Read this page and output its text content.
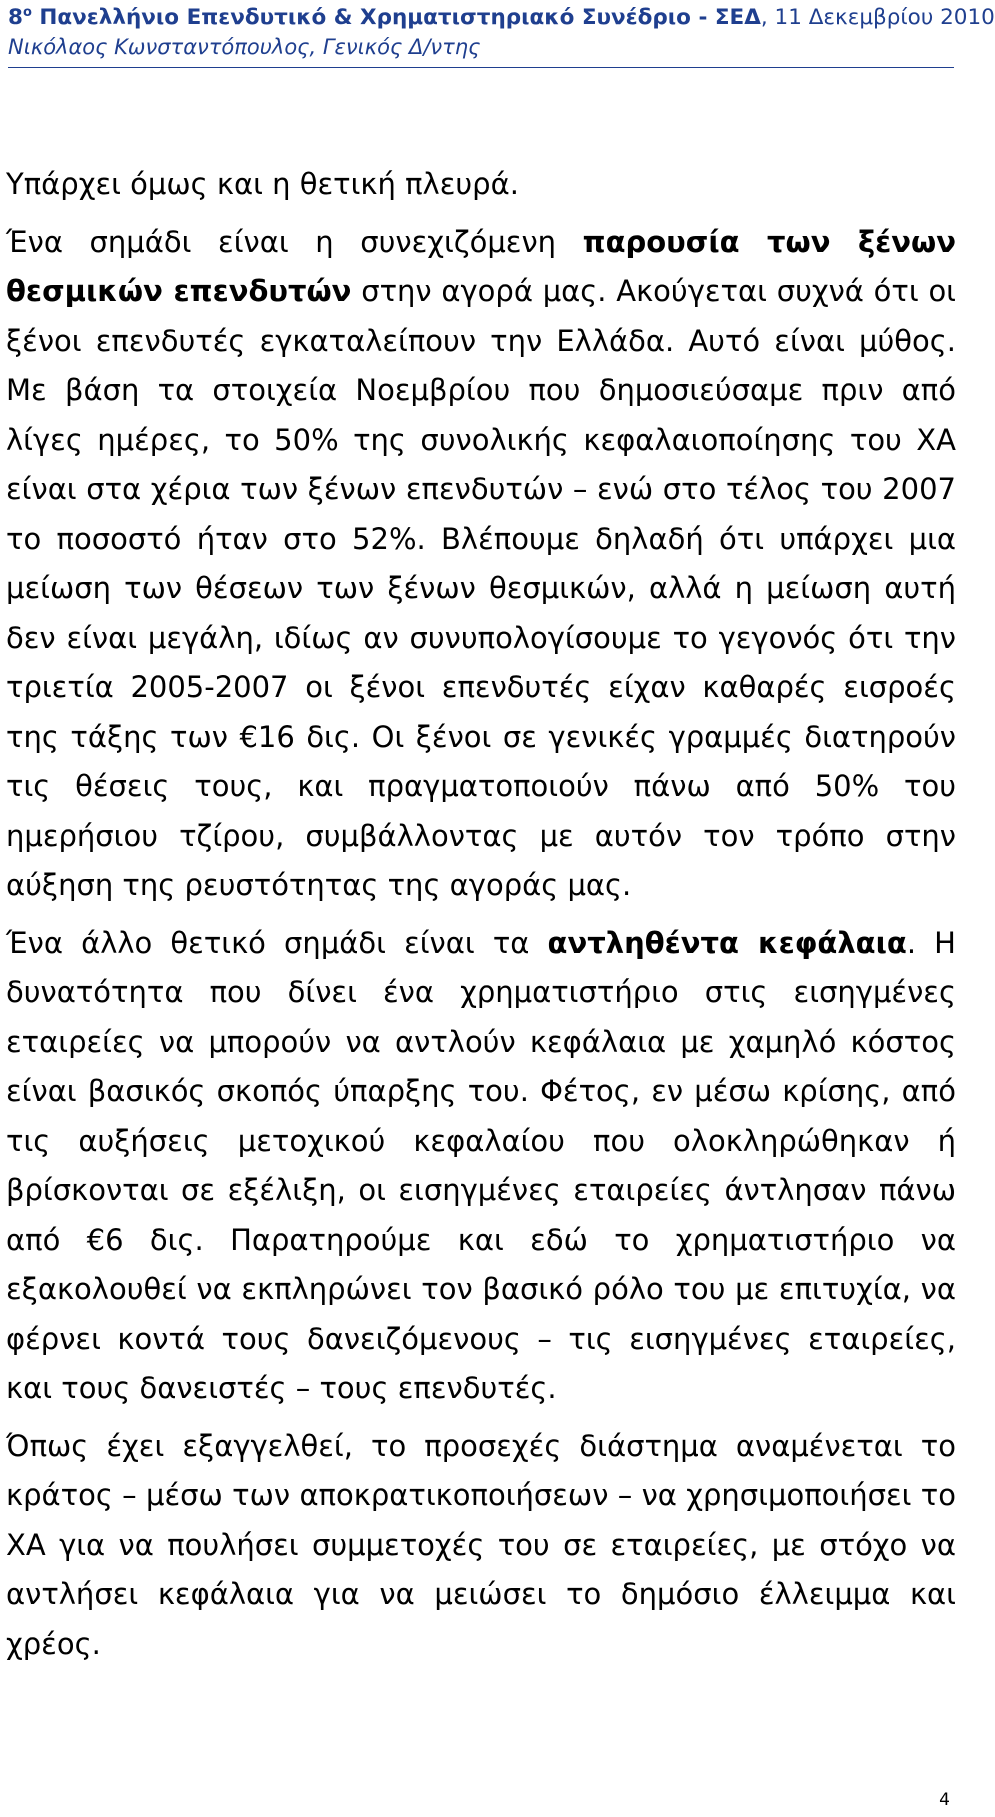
$8^o$ Πανελλήνιο Επενδυτικό & Χρηματιστηριακό Συνέδριο - ΣΕΔ, 11 Δεκεμβρίου 2010
Νικόλαος Κωνσταντόπουλος, Γενικός Δ/ντης

Υπάρχει όμως και η θετική πλευρά.

Ένα σημάδι είναι η συνεχιζόμενη παρουσία των ξένων θεσμικών επενδυτών στην αγορά μας. Ακούγεται συχνά ότι οι ξένοι επενδυτές εγκαταλείπουν την Ελλάδα. Αυτό είναι μύθος. Με βάση τα στοιχεία Νοεμβρίου που δημοσιεύσαμε πριν από λίγες ημέρες, το 50% της συνολικής κεφαλαιοποίησης του ΧΑ είναι στα χέρια των ξένων επενδυτών – ενώ στο τέλος του 2007 το ποσοστό ήταν στο 52%. Βλέπουμε δηλαδή ότι υπάρχει μια μείωση των θέσεων των ξένων θεσμικών, αλλά η μείωση αυτή δεν είναι μεγάλη, ιδίως αν συνυπολογίσουμε το γεγονός ότι την τριετία 2005-2007 οι ξένοι επενδυτές είχαν καθαρές εισροές της τάξης των €16 δις. Οι ξένοι σε γενικές γραμμές διατηρούν τις θέσεις τους, και πραγματοποιούν πάνω από 50% του ημερήσιου τζίρου, συμβάλλοντας με αυτόν τον τρόπο στην αύξηση της ρευστότητας της αγοράς μας.

Ένα άλλο θετικό σημάδι είναι τα αντληθέντα κεφάλαια. Η δυνατότητα που δίνει ένα χρηματιστήριο στις εισηγμένες εταιρείες να μπορούν να αντλούν κεφάλαια με χαμηλό κόστος είναι βασικός σκοπός ύπαρξης του. Φέτος, εν μέσω κρίσης, από τις αυξήσεις μετοχικού κεφαλαίου που ολοκληρώθηκαν ή βρίσκονται σε εξέλιξη, οι εισηγμένες εταιρείες άντλησαν πάνω από €6 δις. Παρατηρούμε και εδώ το χρηματιστήριο να εξακολουθεί να εκπληρώνει τον βασικό ρόλο του με επιτυχία, να φέρνει κοντά τους δανειζόμενους – τις εισηγμένες εταιρείες, και τους δανειστές – τους επενδυτές.

Όπως έχει εξαγγελθεί, το προσεχές διάστημα αναμένεται το κράτος – μέσω των αποκρατικοποιήσεων – να χρησιμοποιήσει το ΧΑ για να πουλήσει συμμετοχές του σε εταιρείες, με στόχο να αντλήσει κεφάλαια για να μειώσει το δημόσιο έλλειμμα και χρέος.

4
